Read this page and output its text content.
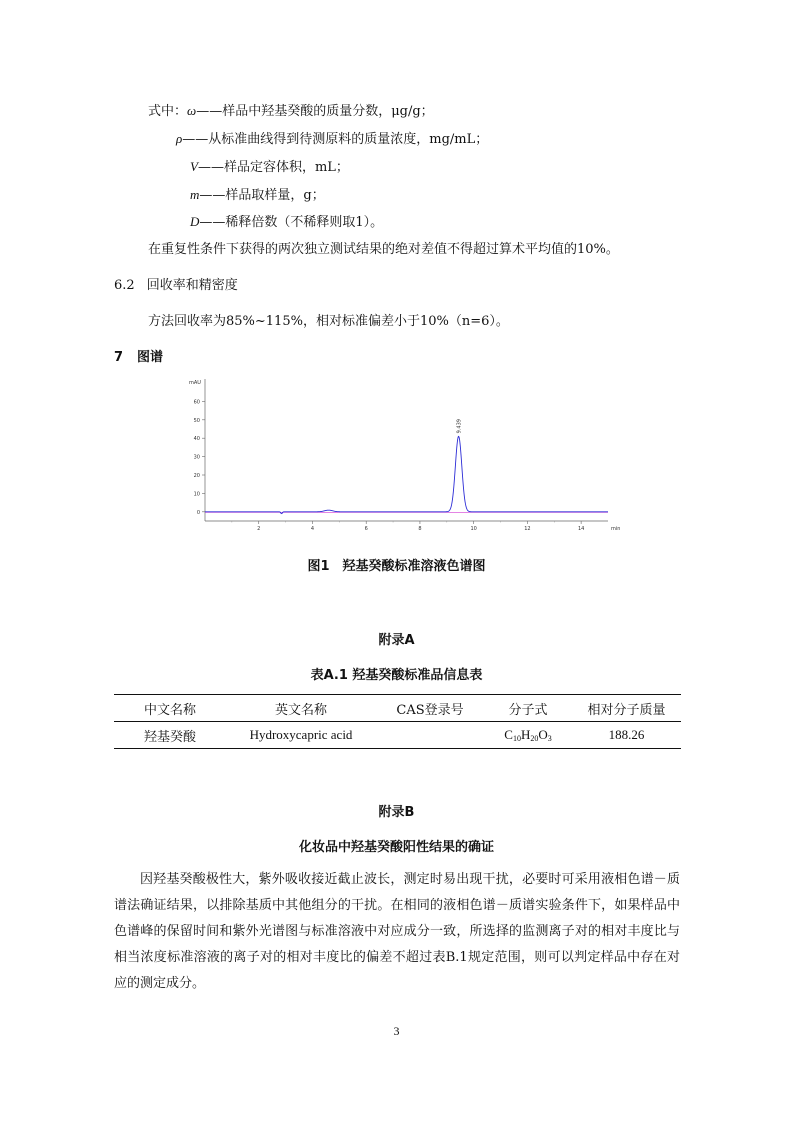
式中：ω——样品中羟基癸酸的质量分数，μg/g；
ρ——从标准曲线得到待测原料的质量浓度，mg/mL；
V——样品定容体积，mL；
m——样品取样量，g；
D——稀释倍数（不稀释则取1）。
在重复性条件下获得的两次独立测试结果的绝对差值不得超过算术平均值的10%。
6.2 回收率和精密度
方法回收率为85%~115%，相对标准偏差小于10%（n=6）。
7 图谱
0
10
20
30
40
50
60
2	4	6	8	10	12	14
mAU
min
9.439
图1　羟基癸酸标准溶液色谱图
附录A
表A.1 羟基癸酸标准品信息表
中文名称	英文名称	CAS登录号	分子式	相对分子质量
羟基癸酸	Hydroxycapric acid		$C_{10}H_{20}O_3$	188.26
附录B
化妆品中羟基癸酸阳性结果的确证

因羟基癸酸极性大，紫外吸收接近截止波长，测定时易出现干扰，必要时可采用液相色谱－质谱法确证结果，以排除基质中其他组分的干扰。在相同的液相色谱－质谱实验条件下，如果样品中色谱峰的保留时间和紫外光谱图与标准溶液中对应成分一致，所选择的监测离子对的相对丰度比与相当浓度标准溶液的离子对的相对丰度比的偏差不超过表B.1规定范围，则可以判定样品中存在对应的测定成分。

3
